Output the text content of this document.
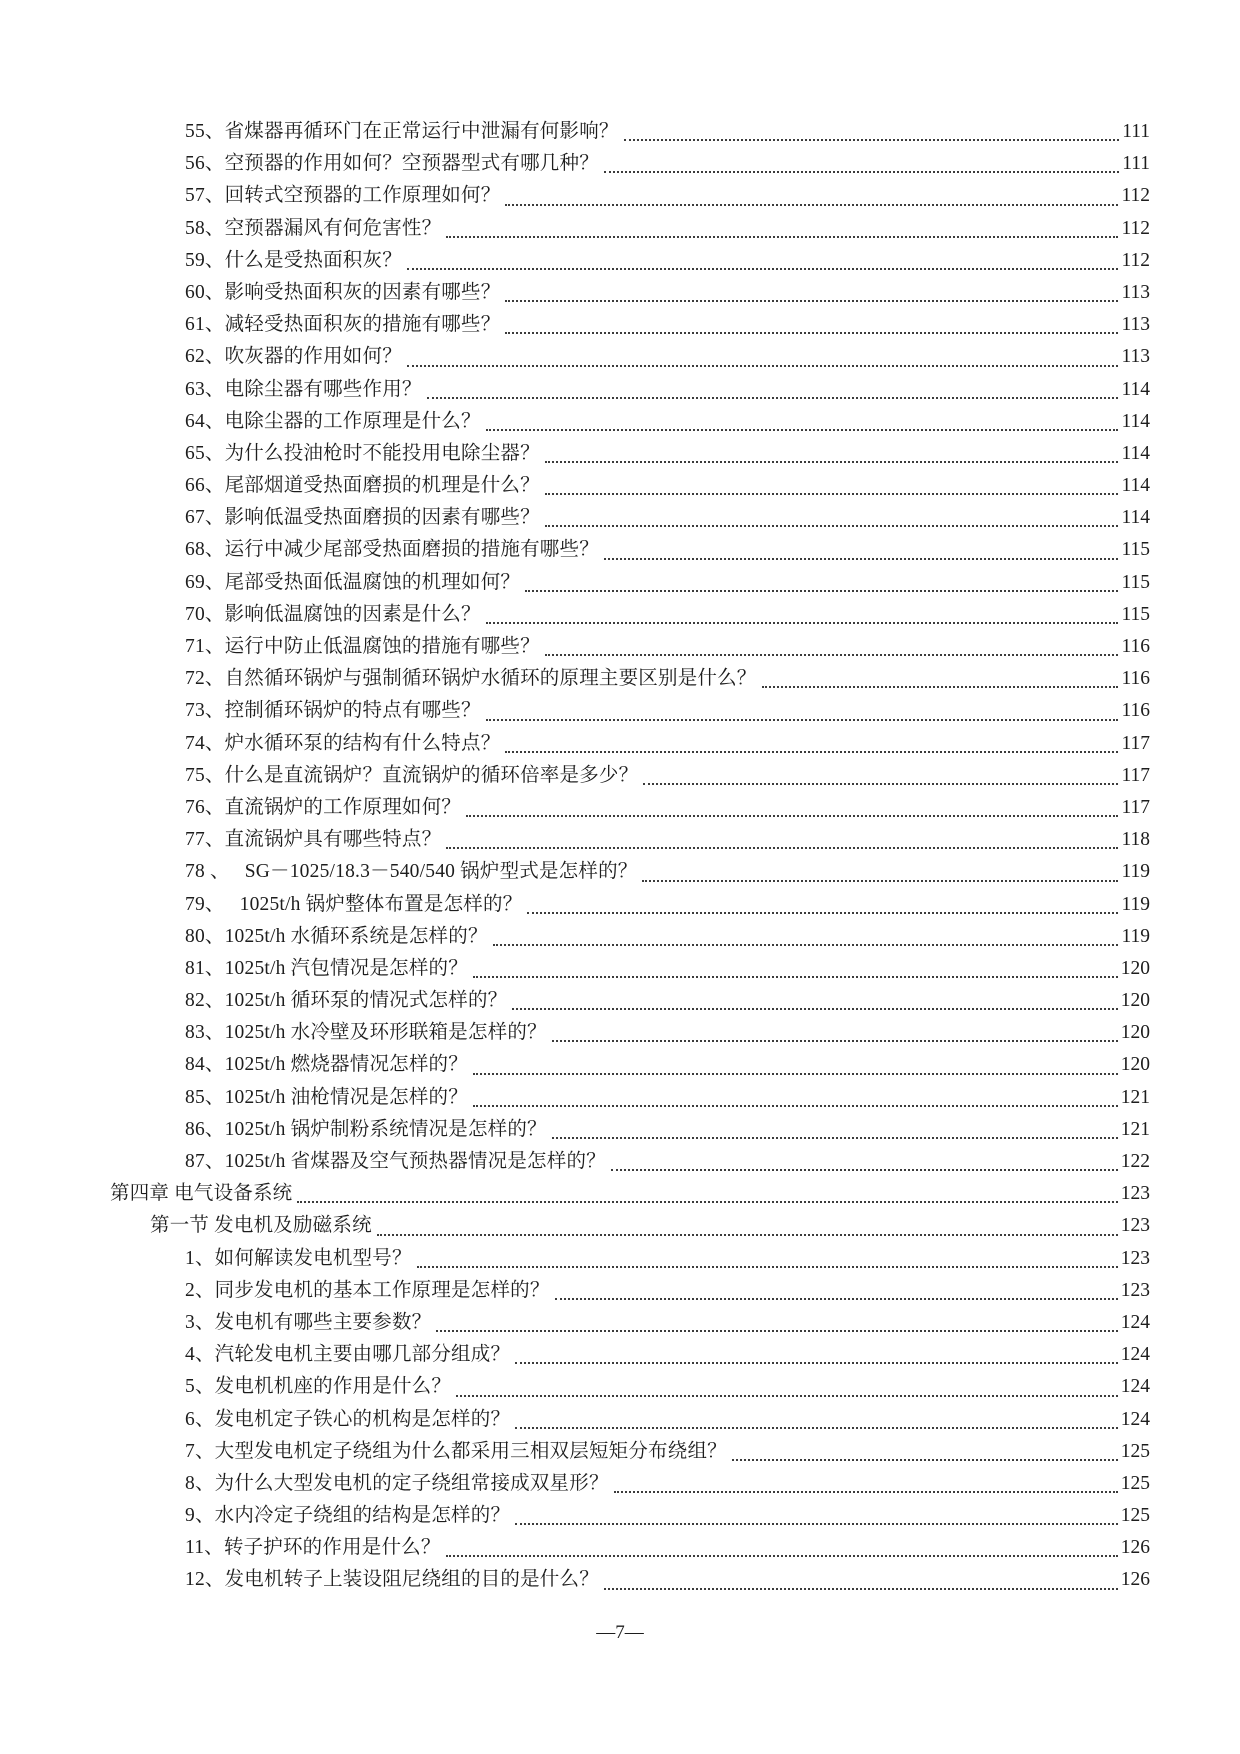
55、省煤器再循环门在正常运行中泄漏有何影响？	111
56、空预器的作用如何？空预器型式有哪几种？	111
57、回转式空预器的工作原理如何？	112
58、空预器漏风有何危害性？	112
59、什么是受热面积灰？	112
60、影响受热面积灰的因素有哪些？	113
61、减轻受热面积灰的措施有哪些？	113
62、吹灰器的作用如何？	113
63、电除尘器有哪些作用？	114
64、电除尘器的工作原理是什么？	114
65、为什么投油枪时不能投用电除尘器？	114
66、尾部烟道受热面磨损的机理是什么？	114
67、影响低温受热面磨损的因素有哪些？	114
68、运行中减少尾部受热面磨损的措施有哪些？	115
69、尾部受热面低温腐蚀的机理如何？	115
70、影响低温腐蚀的因素是什么？	115
71、运行中防止低温腐蚀的措施有哪些？	116
72、自然循环锅炉与强制循环锅炉水循环的原理主要区别是什么？	116
73、控制循环锅炉的特点有哪些？	116
74、炉水循环泵的结构有什么特点？	117
75、什么是直流锅炉？直流锅炉的循环倍率是多少？	117
76、直流锅炉的工作原理如何？	117
77、直流锅炉具有哪些特点？	118
78 、　 SG－1025/18.3－540/540 锅炉型式是怎样的？	119
79、　 1025t/h 锅炉整体布置是怎样的？	119
80、1025t/h 水循环系统是怎样的？	119
81、1025t/h 汽包情况是怎样的？	120
82、1025t/h 循环泵的情况式怎样的？	120
83、1025t/h 水冷壁及环形联箱是怎样的？	120
84、1025t/h 燃烧器情况怎样的？	120
85、1025t/h 油枪情况是怎样的？	121
86、1025t/h 锅炉制粉系统情况是怎样的？	121
87、1025t/h 省煤器及空气预热器情况是怎样的？	122
第四章 电气设备系统	123
第一节 发电机及励磁系统	123
1、如何解读发电机型号？	123
2、同步发电机的基本工作原理是怎样的？	123
3、发电机有哪些主要参数？	124
4、汽轮发电机主要由哪几部分组成？	124
5、发电机机座的作用是什么？	124
6、发电机定子铁心的机构是怎样的？	124
7、大型发电机定子绕组为什么都采用三相双层短矩分布绕组？	125
8、为什么大型发电机的定子绕组常接成双星形？	125
9、水内冷定子绕组的结构是怎样的？	125
11、转子护环的作用是什么？	126
12、发电机转子上装设阻尼绕组的目的是什么？	126
—7—
